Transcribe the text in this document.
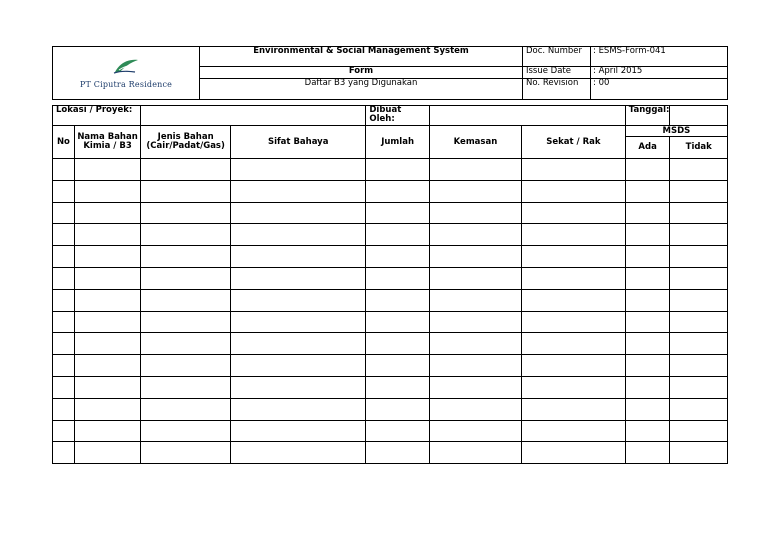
PT Ciputra Residence	Environmental & Social Management System	Doc. Number	: ESMS-Form-041
	Form	Issue Date	: April 2015
	Daftar B3 yang Digunakan	No. Revision	: 00
Lokasi / Proyek:				Dibuat Oleh:			Tanggal:	
No	Nama Bahan Kimia / B3	Jenis Bahan (Cair/Padat/Gas)	Sifat Bahaya	Jumlah	Kemasan	Sekat / Rak	MSDS	
							Ada	Tidak
